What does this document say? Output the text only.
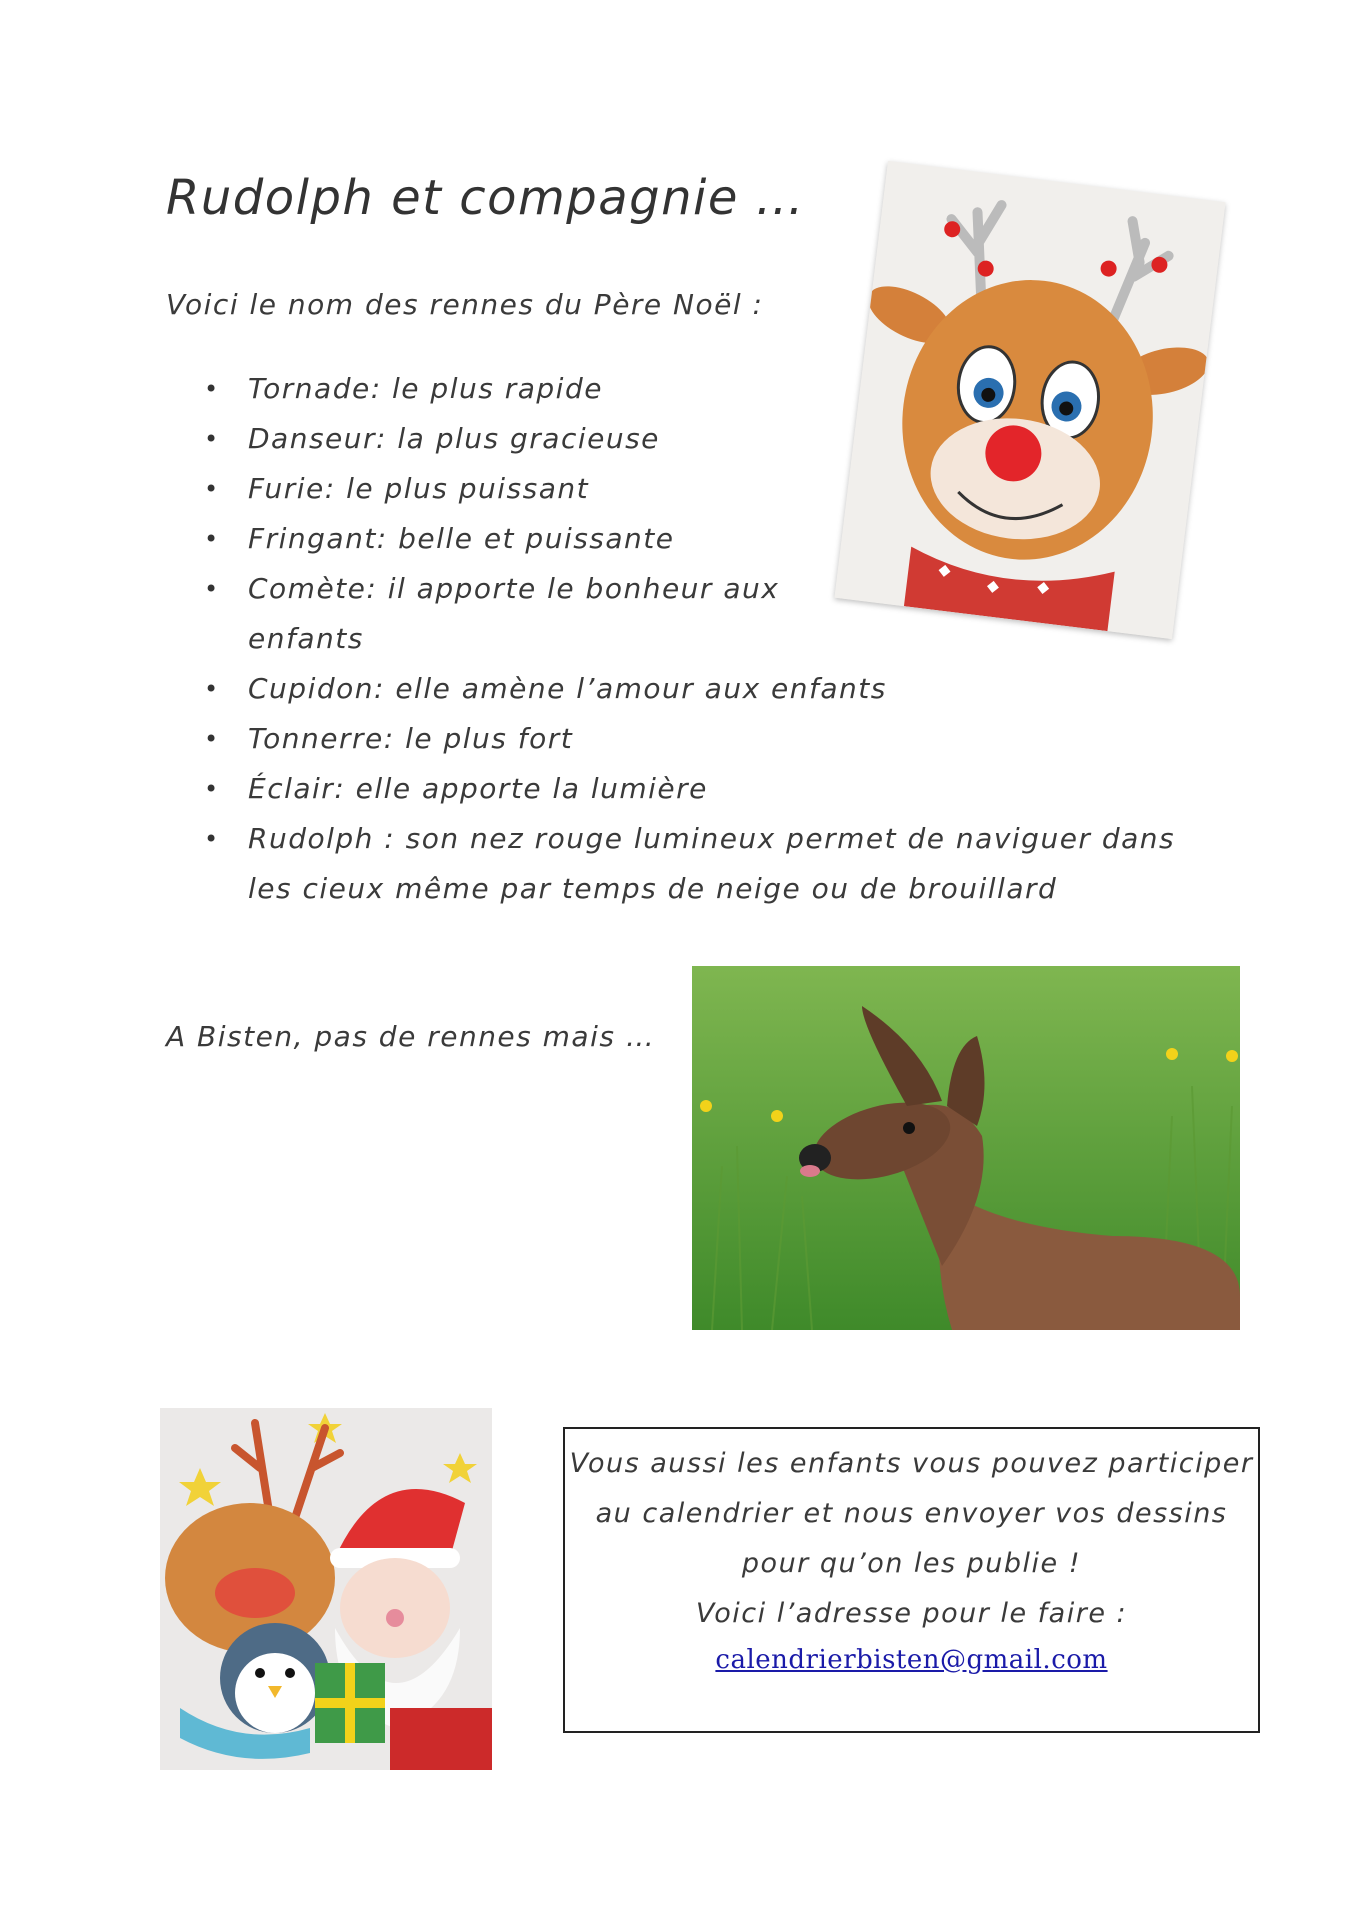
Rudolph et compagnie …
Voici le nom des rennes du Père Noël :
• Tornade: le plus rapide
• Danseur: la plus gracieuse
• Furie: le plus puissant
• Fringant: belle et puissante
• Comète: il apporte le bonheur aux enfants
• Cupidon: elle amène l’amour aux enfants
• Tonnerre: le plus fort
• Éclair: elle apporte la lumière
• Rudolph : son nez rouge lumineux permet de naviguer dans les cieux même par temps de neige ou de brouillard
A Bisten, pas de rennes mais …
Vous aussi les enfants vous pouvez participer
au calendrier et nous envoyer vos dessins
pour qu’on les publie !
Voici l’adresse pour le faire :
calendrierbisten@gmail.com
